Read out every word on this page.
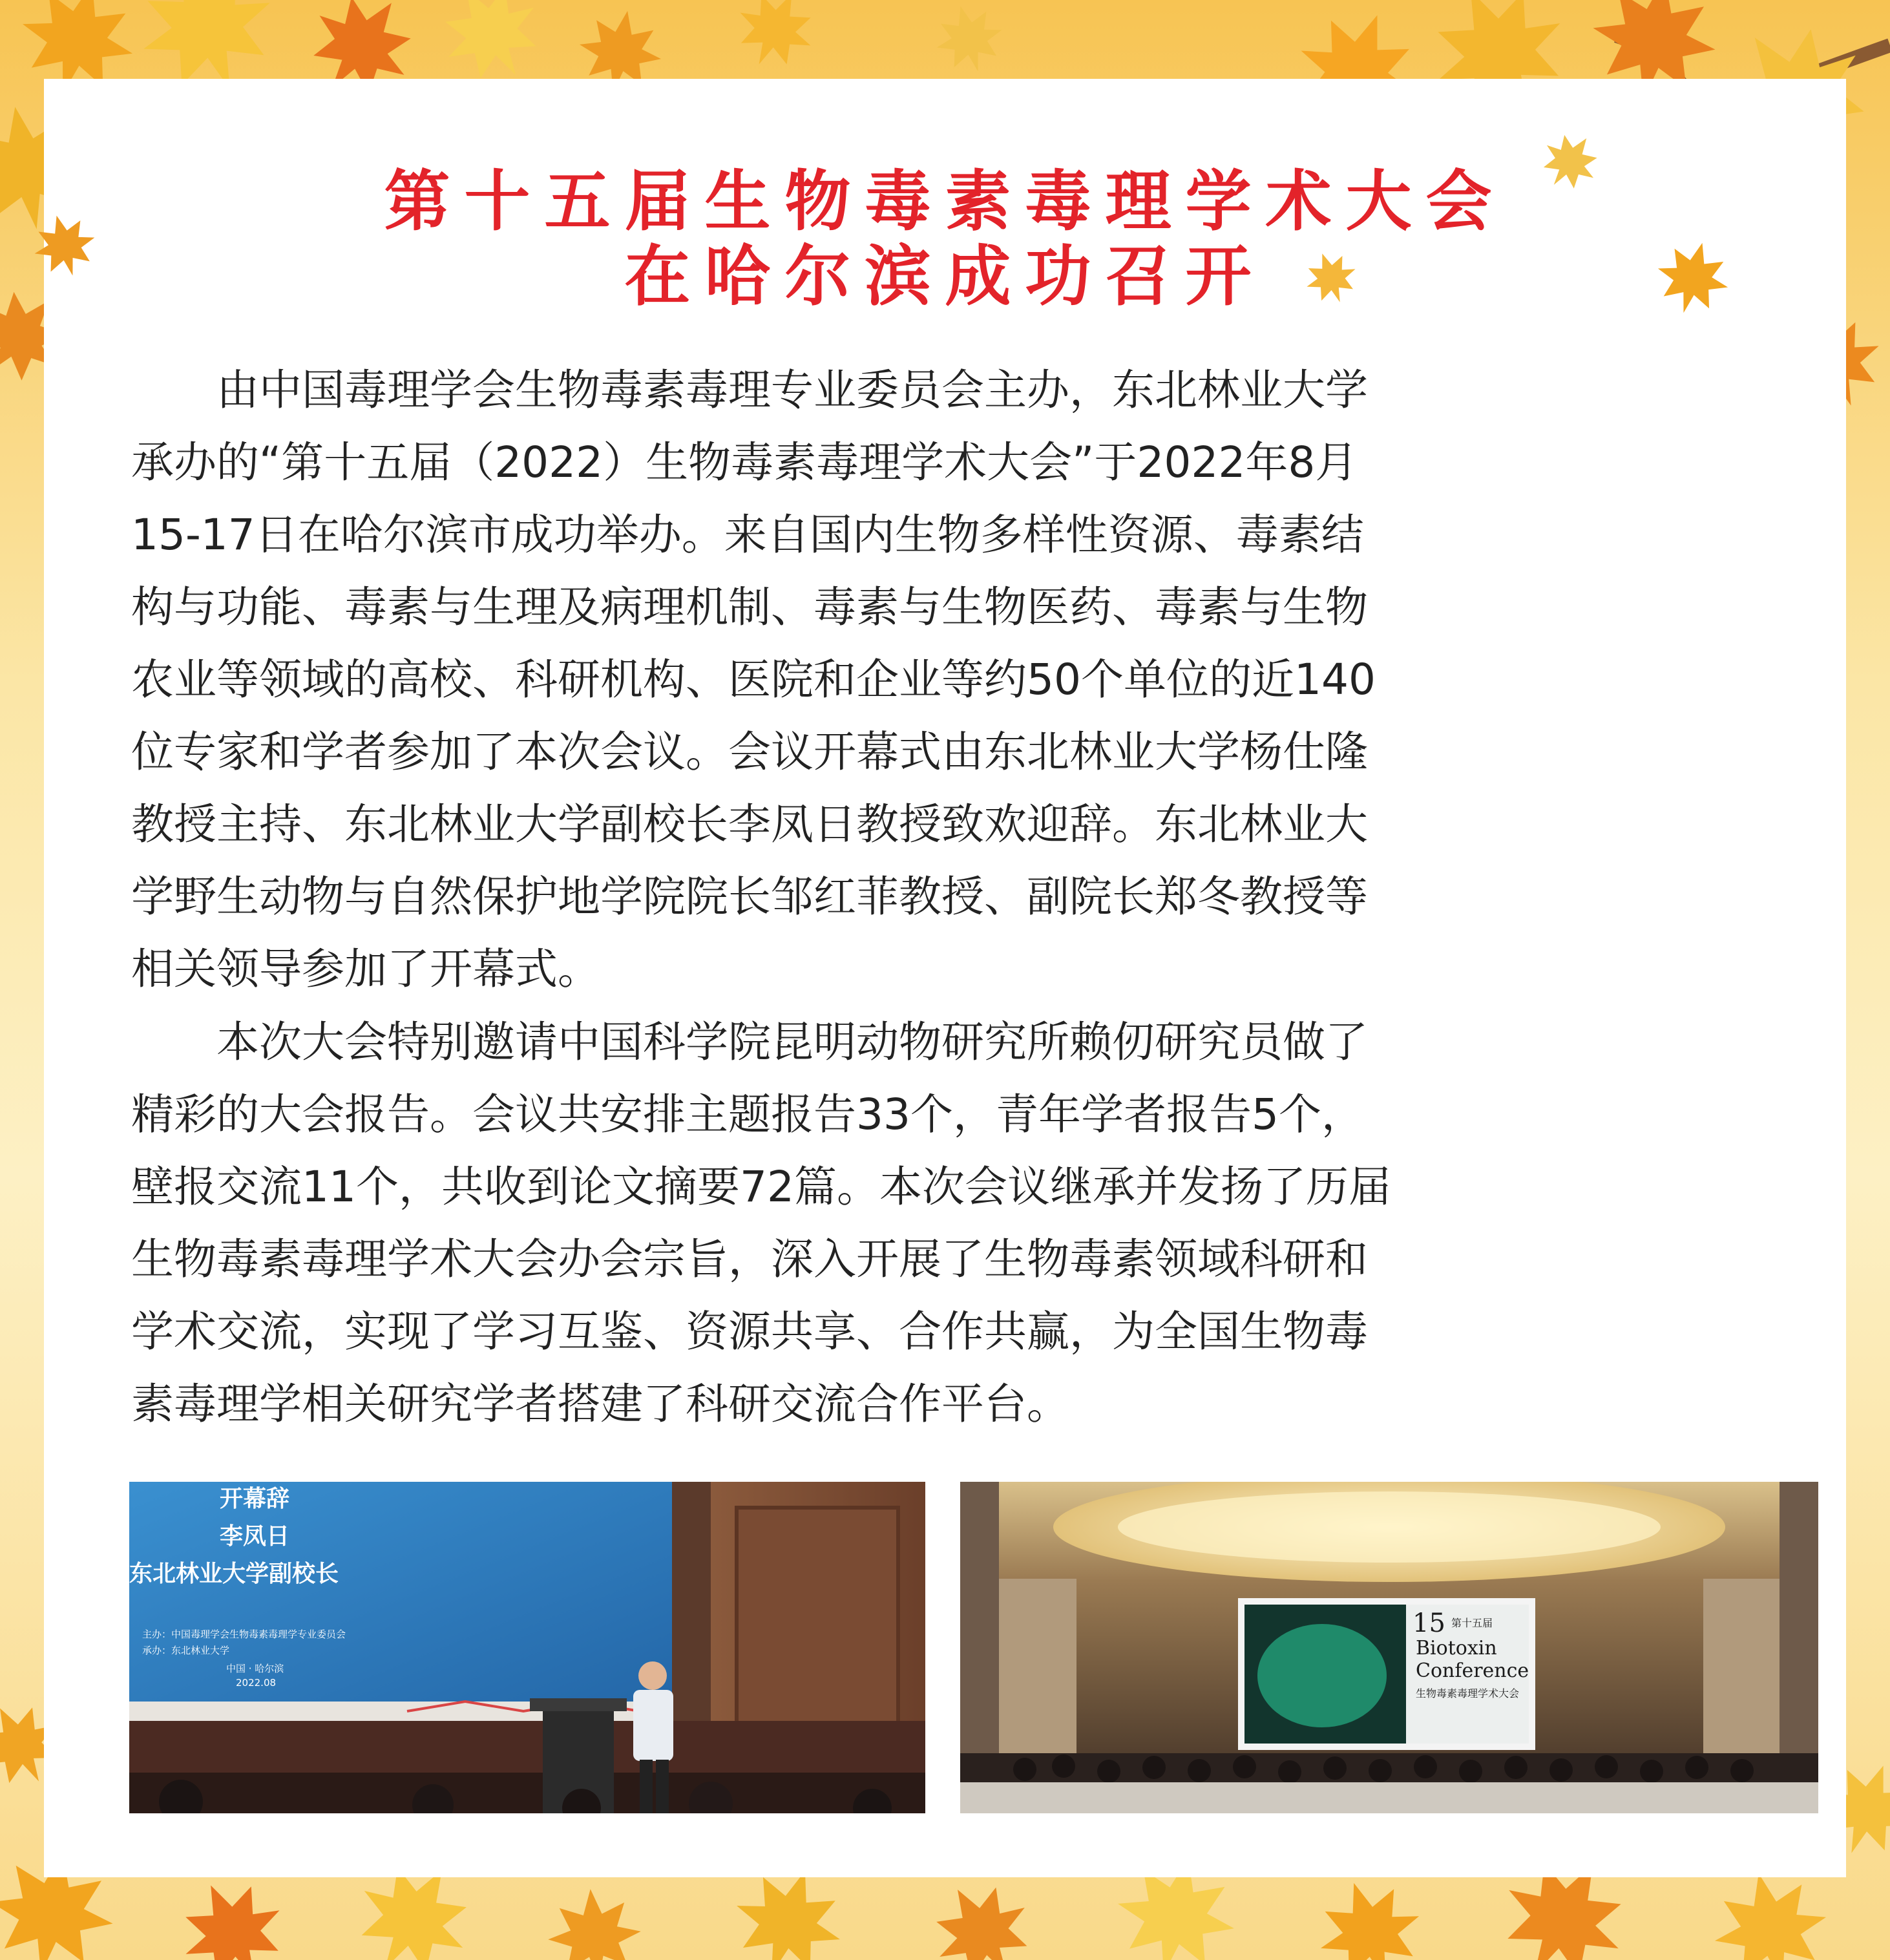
第十五届生物毒素毒理学术大会
在哈尔滨成功召开
　　由中国毒理学会生物毒素毒理专业委员会主办，东北林业大学
承办的“第十五届（2022）生物毒素毒理学术大会”于2022年8月
15-17日在哈尔滨市成功举办。来自国内生物多样性资源、毒素结
构与功能、毒素与生理及病理机制、毒素与生物医药、毒素与生物
农业等领域的高校、科研机构、医院和企业等约50个单位的近140
位专家和学者参加了本次会议。会议开幕式由东北林业大学杨仕隆
教授主持、东北林业大学副校长李凤日教授致欢迎辞。东北林业大
学野生动物与自然保护地学院院长邹红菲教授、副院长郑冬教授等
相关领导参加了开幕式。
　　本次大会特别邀请中国科学院昆明动物研究所赖仞研究员做了
精彩的大会报告。会议共安排主题报告33个，青年学者报告5个，
壁报交流11个，共收到论文摘要72篇。本次会议继承并发扬了历届
生物毒素毒理学术大会办会宗旨，深入开展了生物毒素领域科研和
学术交流，实现了学习互鉴、资源共享、合作共赢，为全国生物毒
素毒理学相关研究学者搭建了科研交流合作平台。
开幕辞
李凤日
东北林业大学副校长
主办：中国毒理学会生物毒素毒理学专业委员会
承办：东北林业大学
中国 · 哈尔滨
2022.08
15 第十五届
Biotoxin
Conference
生物毒素毒理学术大会
